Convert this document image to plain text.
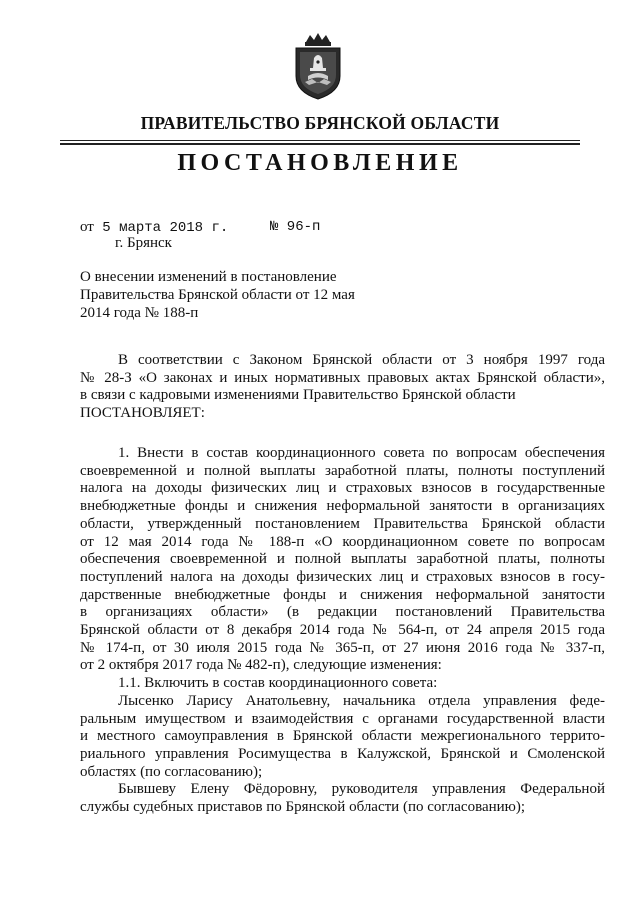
ПРАВИТЕЛЬСТВО БРЯНСКОЙ ОБЛАСТИ
ПОСТАНОВЛЕНИЕ
от 5 марта 2018 г.	№ 96-п
г. Брянск
О внесении изменений в постановление
Правительства Брянской области от 12 мая
2014 года № 188-п
В соответствии с Законом Брянской области от 3 ноября 1997 года
№ 28-З «О законах и иных нормативных правовых актах Брянской области»,
в связи с кадровыми изменениями Правительство Брянской области
ПОСТАНОВЛЯЕТ:
1. Внести в состав координационного совета по вопросам обеспечения
своевременной и полной выплаты заработной платы, полноты поступлений
налога на доходы физических лиц и страховых взносов в государственные
внебюджетные фонды и снижения неформальной занятости в организациях
области, утвержденный постановлением Правительства Брянской области
от 12 мая 2014 года № 188-п «О координационном совете по вопросам
обеспечения своевременной и полной выплаты заработной платы, полноты
поступлений налога на доходы физических лиц и страховых взносов в госу-
дарственные внебюджетные фонды и снижения неформальной занятости
в организациях области» (в редакции постановлений Правительства
Брянской области от 8 декабря 2014 года № 564-п, от 24 апреля 2015 года
№ 174-п, от 30 июля 2015 года № 365-п, от 27 июня 2016 года № 337-п,
от 2 октября 2017 года № 482-п), следующие изменения:
1.1. Включить в состав координационного совета:
Лысенко Ларису Анатольевну, начальника отдела управления феде-
ральным имуществом и взаимодействия с органами государственной власти
и местного самоуправления в Брянской области межрегионального террито-
риального управления Росимущества в Калужской, Брянской и Смоленской
областях (по согласованию);
Бывшеву Елену Фёдоровну, руководителя управления Федеральной
службы судебных приставов по Брянской области (по согласованию);
